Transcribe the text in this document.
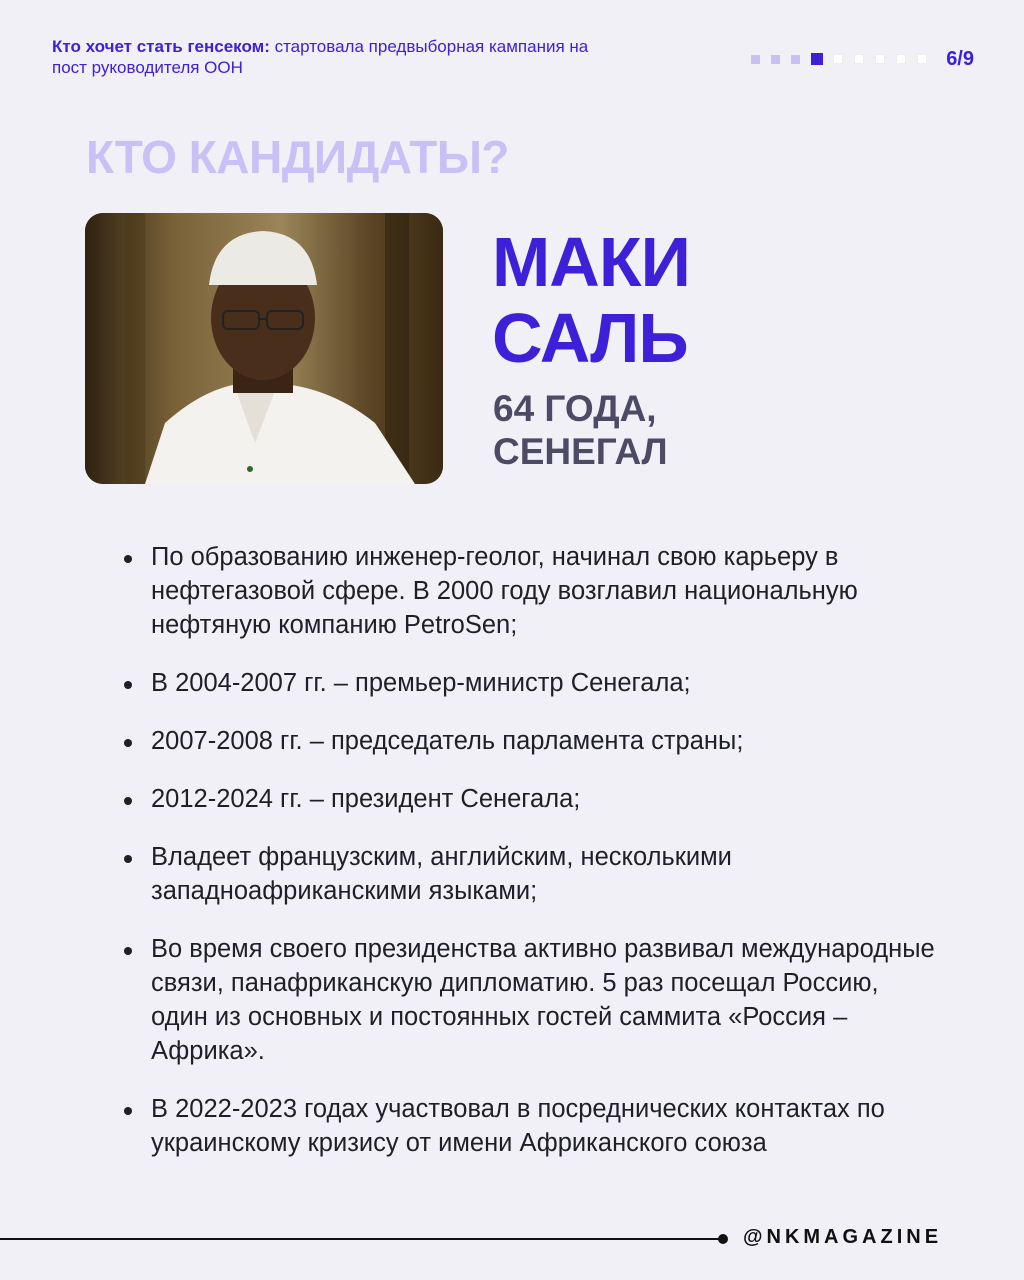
Кто хочет стать генсеком: стартовала предвыборная кампания на пост руководителя ООН	6/9
КТО КАНДИДАТЫ?
МАКИ
САЛЬ
64 ГОДА,
СЕНЕГАЛ
По образованию инженер-геолог, начинал свою карьеру в нефтегазовой сфере. В 2000 году возглавил национальную нефтяную компанию PetroSen;
В 2004-2007 гг. – премьер-министр Сенегала;
2007-2008 гг. – председатель парламента страны;
2012-2024 гг. – президент Сенегала;
Владеет французским, английским, несколькими западноафриканскими языками;
Во время своего президенства активно развивал международные связи, панафриканскую дипломатию. 5 раз посещал Россию, один из основных и постоянных гостей саммита «Россия – Африка».
В 2022-2023 годах участвовал в посреднических контактах по украинскому кризису от имени Африканского союза
@NKMAGAZINE
